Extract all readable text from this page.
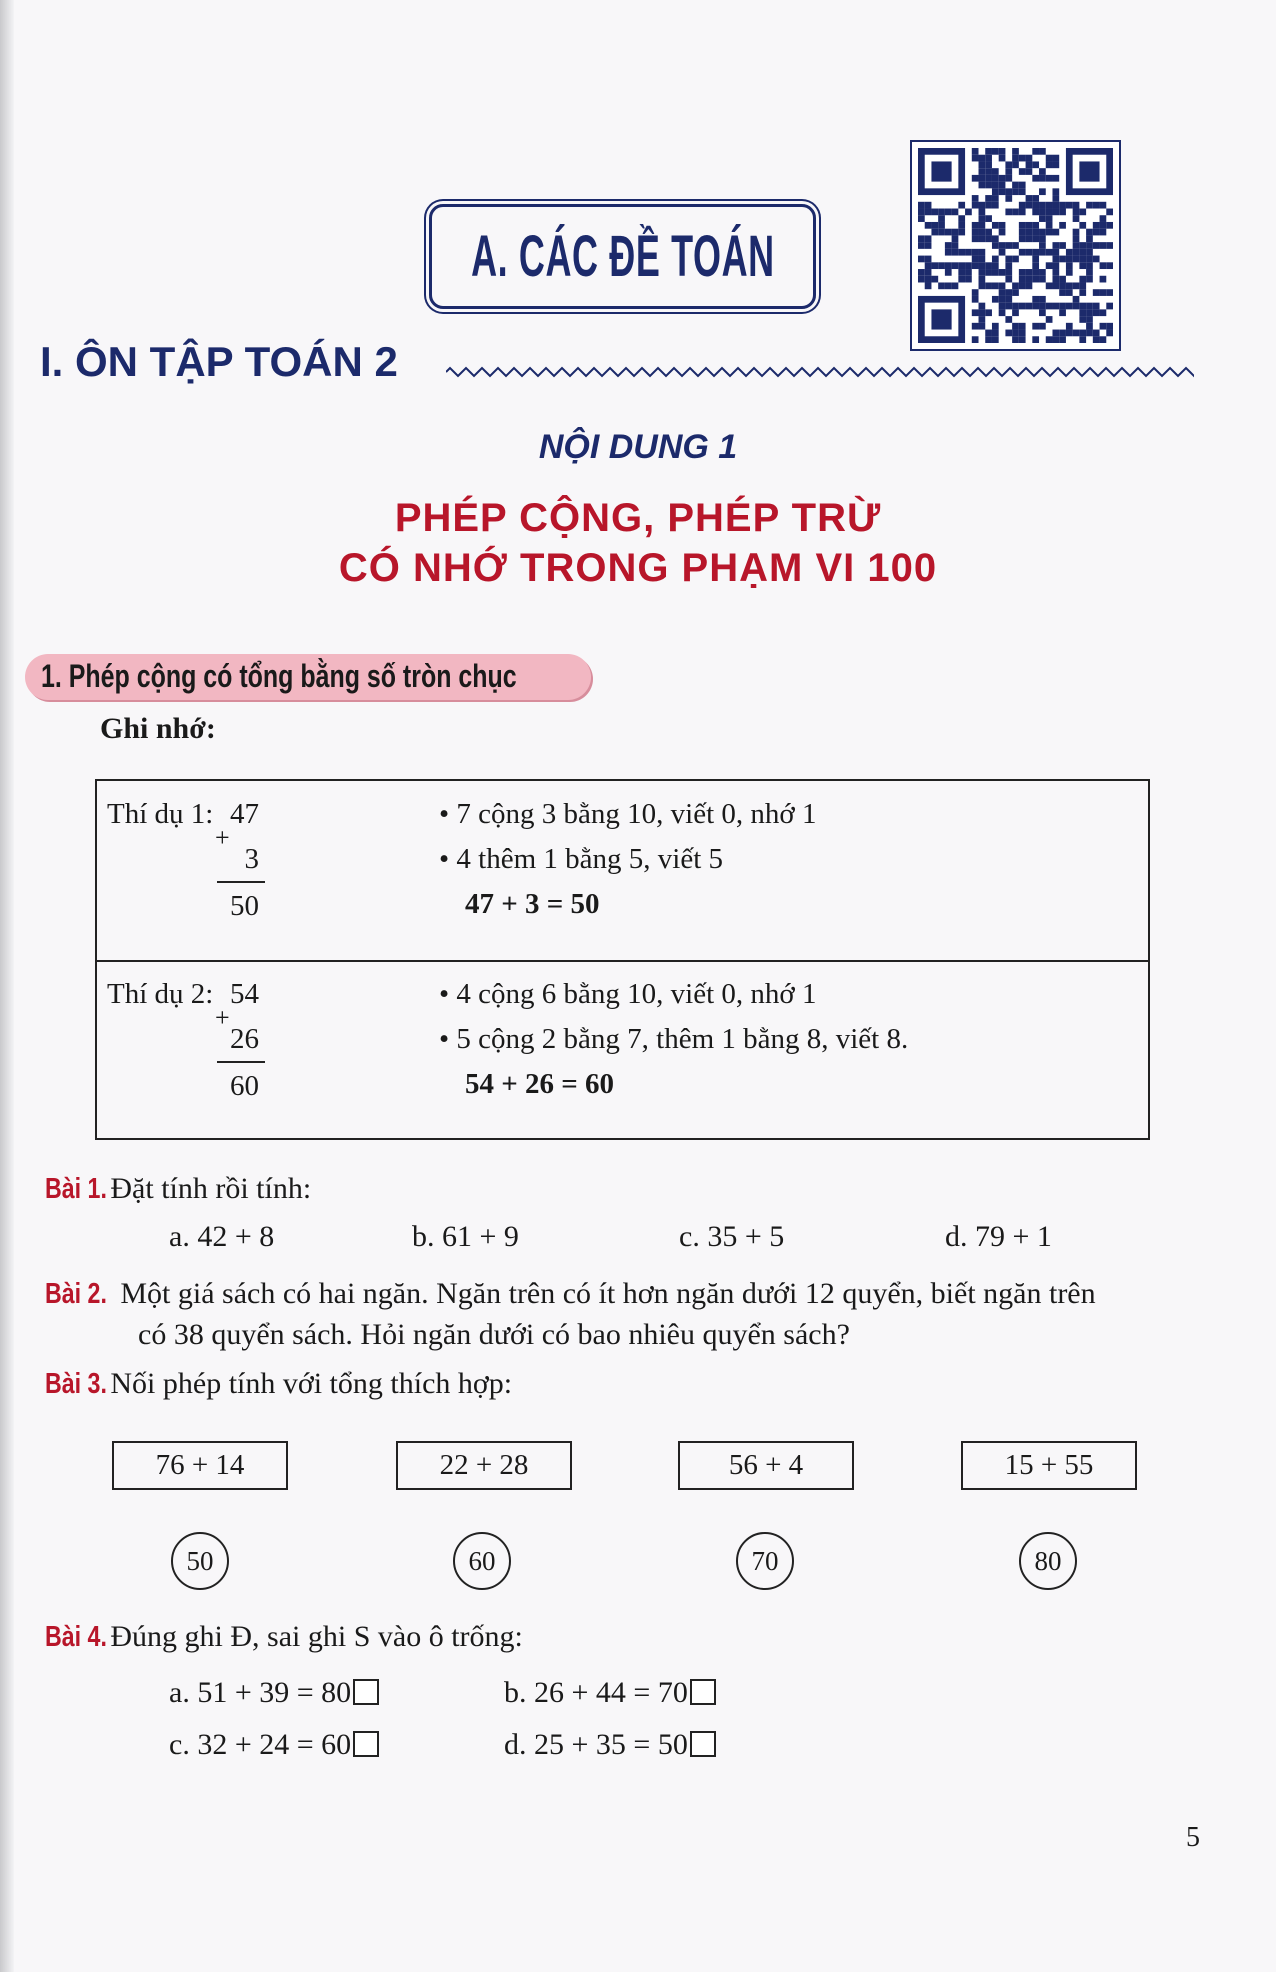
A. CÁC ĐỀ TOÁN
I. ÔN TẬP TOÁN 2
NỘI DUNG 1
PHÉP CỘNG, PHÉP TRỪ
CÓ NHỚ TRONG PHẠM VI 100
1. Phép cộng có tổng bằng số tròn chục
Ghi nhớ:
Thí dụ 1: 47
+
3
50
• 7 cộng 3 bằng 10, viết 0, nhớ 1
• 4 thêm 1 bằng 5, viết 5
47 + 3 = 50
Thí dụ 2: 54
+
26
60
• 4 cộng 6 bằng 10, viết 0, nhớ 1
• 5 cộng 2 bằng 7, thêm 1 bằng 8, viết 8.
54 + 26 = 60
Bài 1. Đặt tính rồi tính:
a. 42 + 8	b. 61 + 9	c. 35 + 5	d. 79 + 1
Bài 2. Một giá sách có hai ngăn. Ngăn trên có ít hơn ngăn dưới 12 quyển, biết ngăn trên
có 38 quyển sách. Hỏi ngăn dưới có bao nhiêu quyển sách?
Bài 3. Nối phép tính với tổng thích hợp:
76 + 14	22 + 28	56 + 4	15 + 55
50	60	70	80
Bài 4. Đúng ghi Đ, sai ghi S vào ô trống:
a. 51 + 39 = 80	b. 26 + 44 = 70
c. 32 + 24 = 60	d. 25 + 35 = 50
5
